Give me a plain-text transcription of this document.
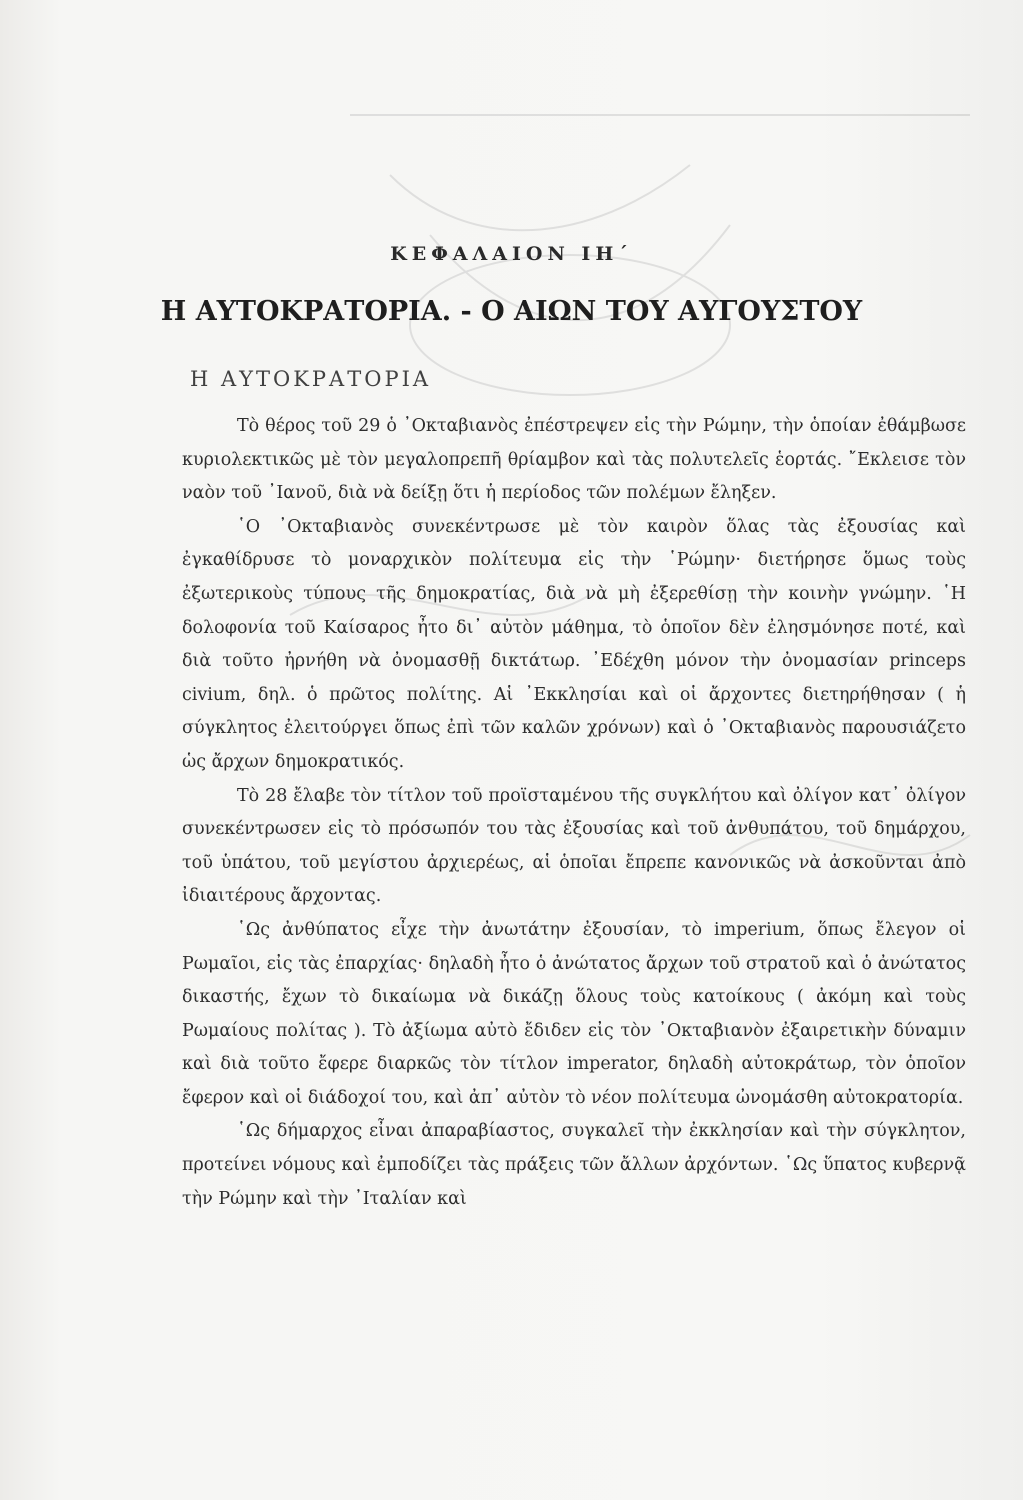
ΚΕΦΑΛΑΙΟΝ ΙΗ΄
Η ΑΥΤΟΚΡΑΤΟΡΙΑ. - Ο ΑΙΩΝ ΤΟΥ ΑΥΓΟΥΣΤΟΥ
Η ΑΥΤΟΚΡΑΤΟΡΙΑ

Τὸ θέρος τοῦ 29 ὁ ᾿Οκταβιανὸς ἐπέστρεψεν εἰς τὴν Ρώμην, τὴν ὁποίαν ἐθάμβωσε κυριολεκτικῶς μὲ τὸν μεγαλοπρεπῆ θρίαμβον καὶ τὰς πολυτελεῖς ἑορτάς. ῎Εκλεισε τὸν ναὸν τοῦ ᾿Ιανοῦ, διὰ νὰ δείξῃ ὅτι ἡ περίοδος τῶν πολέμων ἔληξεν.

῾Ο ᾿Οκταβιανὸς συνεκέντρωσε μὲ τὸν καιρὸν ὅλας τὰς ἐξουσίας καὶ ἐγκαθίδρυσε τὸ μοναρχικὸν πολίτευμα εἰς τὴν ῾Ρώμην· διετήρησε ὅμως τοὺς ἐξωτερικοὺς τύπους τῆς δημοκρατίας, διὰ νὰ μὴ ἐξερεθίσῃ τὴν κοινὴν γνώμην. ῾Η δολοφονία τοῦ Καίσαρος ἦτο δι᾿ αὐτὸν μάθημα, τὸ ὁποῖον δὲν ἐλησμόνησε ποτέ, καὶ διὰ τοῦτο ἠρνήθη νὰ ὀνομασθῇ δικτάτωρ. ᾿Εδέχθη μόνον τὴν ὀνομασίαν princeps civium, δηλ. ὁ πρῶτος πολίτης. Αἱ ᾿Εκκλησίαι καὶ οἱ ἄρχοντες διετηρήθησαν ( ἡ σύγκλητος ἐλειτούργει ὅπως ἐπὶ τῶν καλῶν χρόνων) καὶ ὁ ᾿Οκταβιανὸς παρουσιάζετο ὡς ἄρχων δημοκρατικός.

Τὸ 28 ἔλαβε τὸν τίτλον τοῦ προϊσταμένου τῆς συγκλήτου καὶ ὀλίγον κατ᾿ ὀλίγον συνεκέντρωσεν εἰς τὸ πρόσωπόν του τὰς ἐξουσίας καὶ τοῦ ἀνθυπάτου, τοῦ δημάρχου, τοῦ ὑπάτου, τοῦ μεγίστου ἀρχιερέως, αἱ ὁποῖαι ἔπρεπε κανονικῶς νὰ ἀσκοῦνται ἀπὸ ἰδιαιτέρους ἄρχοντας.

῾Ως ἀνθύπατος εἶχε τὴν ἀνωτάτην ἐξουσίαν, τὸ imperium, ὅπως ἔλεγον οἱ Ρωμαῖοι, εἰς τὰς ἐπαρχίας· δηλαδὴ ἦτο ὁ ἀνώτατος ἄρχων τοῦ στρατοῦ καὶ ὁ ἀνώτατος δικαστής, ἔχων τὸ δικαίωμα νὰ δικάζῃ ὅλους τοὺς κατοίκους ( ἀκόμη καὶ τοὺς Ρωμαίους πολίτας ). Τὸ ἀξίωμα αὐτὸ ἔδιδεν εἰς τὸν ᾿Οκταβιανὸν ἐξαιρετικὴν δύναμιν καὶ διὰ τοῦτο ἔφερε διαρκῶς τὸν τίτλον imperator, δηλαδὴ αὐτοκράτωρ, τὸν ὁποῖον ἔφερον καὶ οἱ διάδοχοί του, καὶ ἀπ᾿ αὐτὸν τὸ νέον πολίτευμα ὠνομάσθη αὐτοκρατορία.

῾Ως δήμαρχος εἶναι ἀπαραβίαστος, συγκαλεῖ τὴν ἐκκλησίαν καὶ τὴν σύγκλητον, προτείνει νόμους καὶ ἐμποδίζει τὰς πράξεις τῶν ἄλλων ἀρχόντων. ῾Ως ὕπατος κυβερνᾷ τὴν Ρώμην καὶ τὴν ᾿Ιταλίαν καὶ
